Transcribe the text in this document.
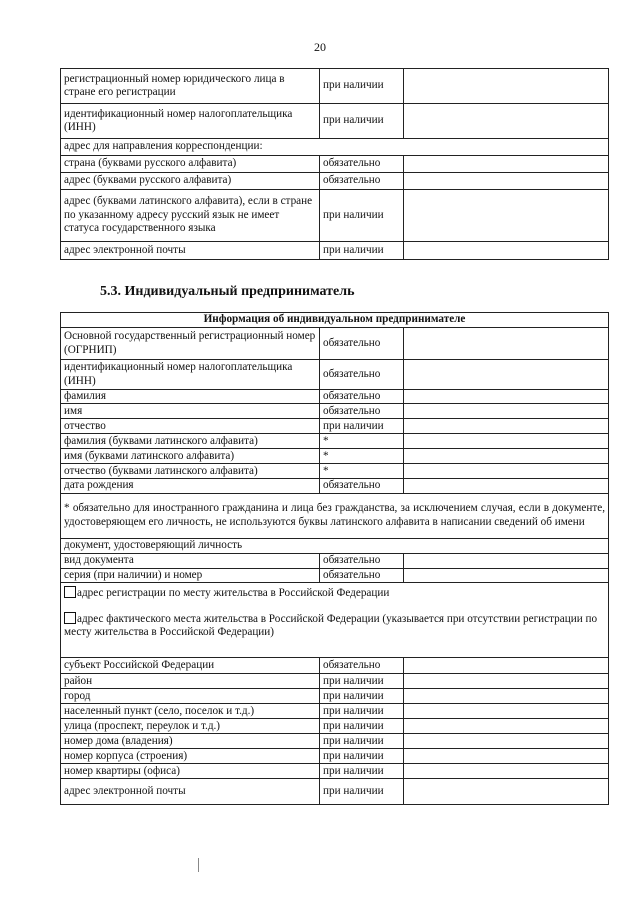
20
регистрационный номер юридического лица в стране его регистрации	при наличии	
идентификационный номер налогоплательщика (ИНН)	при наличии	
адрес для направления корреспонденции:		
страна (буквами русского алфавита)	обязательно	
адрес (буквами русского алфавита)	обязательно	
адрес (буквами латинского алфавита), если в стране по указанному адресу русский язык не имеет статуса государственного языка	при наличии	
адрес электронной почты	при наличии	
5.3. Индивидуальный предприниматель
Информация об индивидуальном предпринимателе		
Основной государственный регистрационный номер (ОГРНИП)	обязательно	
идентификационный номер налогоплательщика (ИНН)	обязательно	
фамилия	обязательно	
имя	обязательно	
отчество	при наличии	
фамилия (буквами латинского алфавита)	*	
имя (буквами латинского алфавита)	*	
отчество (буквами латинского алфавита)	*	
дата рождения	обязательно	
* обязательно для иностранного гражданина и лица без гражданства, за исключением случая, если в документе, удостоверяющем его личность, не используются буквы латинского алфавита в написании сведений об имени		
документ, удостоверяющий личность		
вид документа	обязательно	
серия (при наличии) и номер	обязательно	

адрес регистрации по месту жительства в Российской Федерации
адрес фактического места жительства в Российской Федерации (указывается при отсутствии регистрации по месту жительства в Российской Федерации)		

субъект Российской Федерации	обязательно	
район	при наличии	
город	при наличии	
населенный пункт (село, поселок и т.д.)	при наличии	
улица (проспект, переулок и т.д.)	при наличии	
номер дома (владения)	при наличии	
номер корпуса (строения)	при наличии	
номер квартиры (офиса)	при наличии	
адрес электронной почты	при наличии	
